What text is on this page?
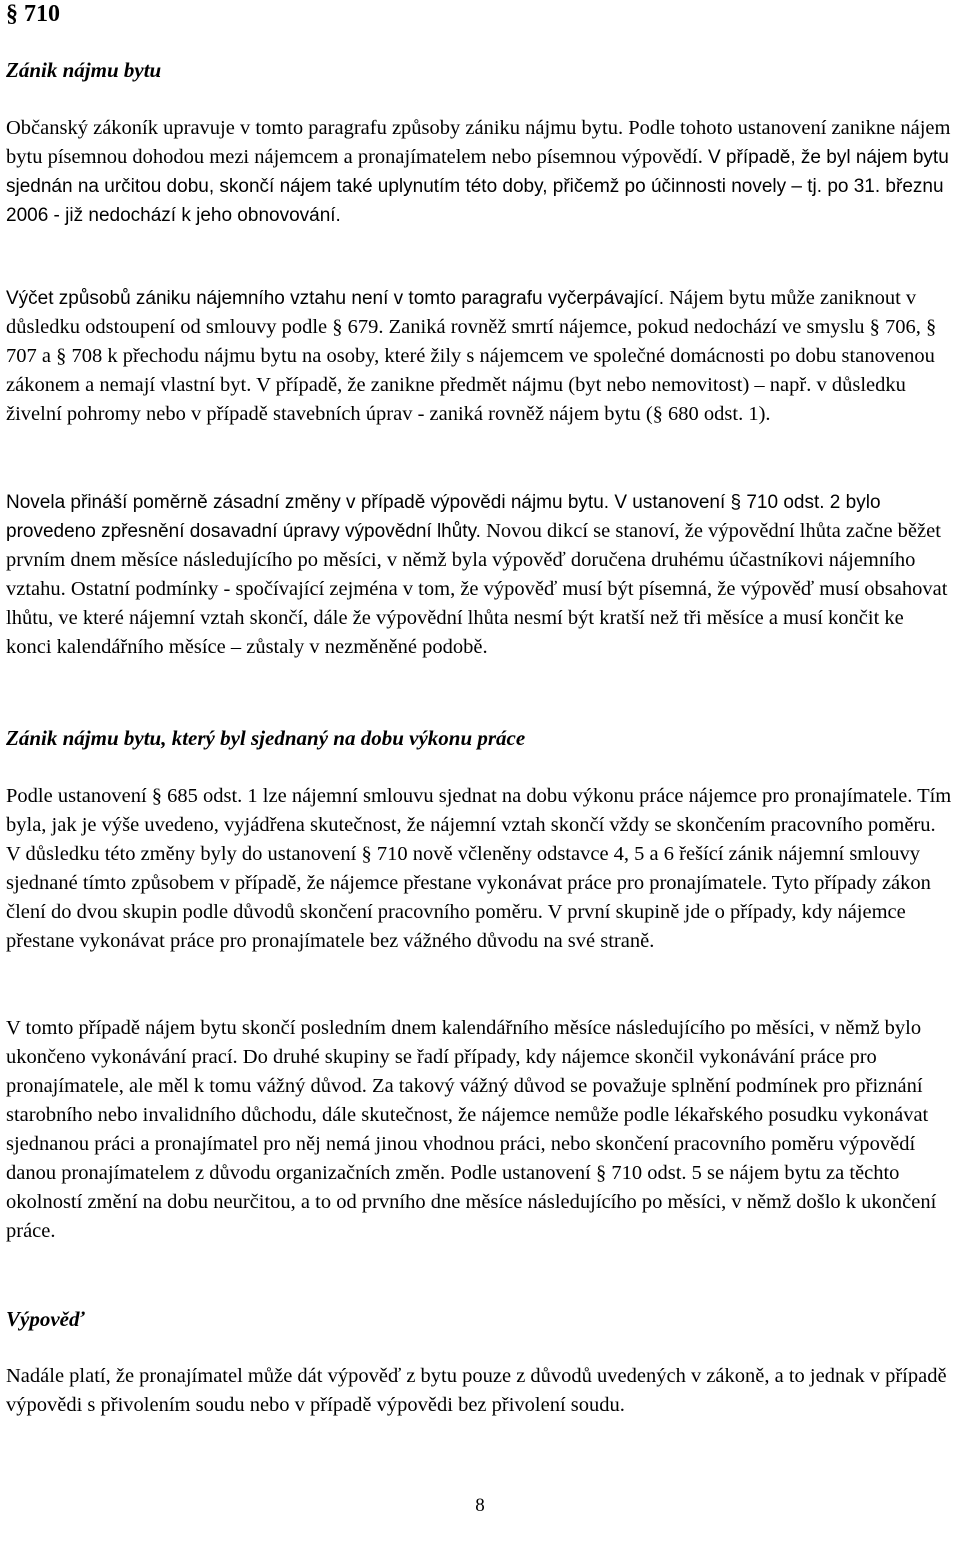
§ 710
Zánik nájmu bytu
Občanský zákoník upravuje v tomto paragrafu způsoby zániku nájmu bytu. Podle tohoto ustanovení zanikne nájem bytu písemnou dohodou mezi nájemcem a pronajímatelem nebo písemnou výpovědí. V případě, že byl nájem bytu sjednán na určitou dobu, skončí nájem také uplynutím této doby, přičemž po účinnosti novely – tj. po 31. březnu 2006 - již nedochází k jeho obnovování.
Výčet způsobů zániku nájemního vztahu není v tomto paragrafu vyčerpávající. Nájem bytu může zaniknout v důsledku odstoupení od smlouvy podle § 679. Zaniká rovněž smrtí nájemce, pokud nedochází ve smyslu § 706, § 707 a § 708 k přechodu nájmu bytu na osoby, které žily s nájemcem ve společné domácnosti po dobu stanovenou zákonem a nemají vlastní byt. V případě, že zanikne předmět nájmu (byt nebo nemovitost) – např. v důsledku živelní pohromy nebo v případě stavebních úprav - zaniká rovněž nájem bytu (§ 680 odst. 1).
Novela přináší poměrně zásadní změny v případě výpovědi nájmu bytu. V ustanovení § 710 odst. 2 bylo provedeno zpřesnění dosavadní úpravy výpovědní lhůty. Novou dikcí se stanoví, že výpovědní lhůta začne běžet prvním dnem měsíce následujícího po měsíci, v němž byla výpověď doručena druhému účastníkovi nájemního vztahu. Ostatní podmínky - spočívající zejména v tom, že výpověď musí být písemná, že výpověď musí obsahovat lhůtu, ve které nájemní vztah skončí, dále že výpovědní lhůta nesmí být kratší než tři měsíce a musí končit ke konci kalendářního měsíce – zůstaly v nezměněné podobě.
Zánik nájmu bytu, který byl sjednaný na dobu výkonu práce
Podle ustanovení § 685 odst. 1 lze nájemní smlouvu sjednat na dobu výkonu práce nájemce pro pronajímatele. Tím byla, jak je výše uvedeno, vyjádřena skutečnost, že nájemní vztah skončí vždy se skončením pracovního poměru. V důsledku této změny byly do ustanovení § 710 nově včleněny odstavce 4, 5 a 6 řešící zánik nájemní smlouvy sjednané tímto způsobem v případě, že nájemce přestane vykonávat práce pro pronajímatele. Tyto případy zákon člení do dvou skupin podle důvodů skončení pracovního poměru. V první skupině jde o případy, kdy nájemce přestane vykonávat práce pro pronajímatele bez vážného důvodu na své straně.
V tomto případě nájem bytu skončí posledním dnem kalendářního měsíce následujícího po měsíci, v němž bylo ukončeno vykonávání prací. Do druhé skupiny se řadí případy, kdy nájemce skončil vykonávání práce pro pronajímatele, ale měl k tomu vážný důvod. Za takový vážný důvod se považuje splnění podmínek pro přiznání starobního nebo invalidního důchodu, dále skutečnost, že nájemce nemůže podle lékařského posudku vykonávat sjednanou práci a pronajímatel pro něj nemá jinou vhodnou práci, nebo skončení pracovního poměru výpovědí danou pronajímatelem z důvodu organizačních změn. Podle ustanovení § 710 odst. 5 se nájem bytu za těchto okolností změní na dobu neurčitou, a to od prvního dne měsíce následujícího po měsíci, v němž došlo k ukončení práce.
Výpověď
Nadále platí, že pronajímatel může dát výpověď z bytu pouze z důvodů uvedených v zákoně, a to jednak v případě výpovědi s přivolením soudu nebo v případě výpovědi bez přivolení soudu.
8
